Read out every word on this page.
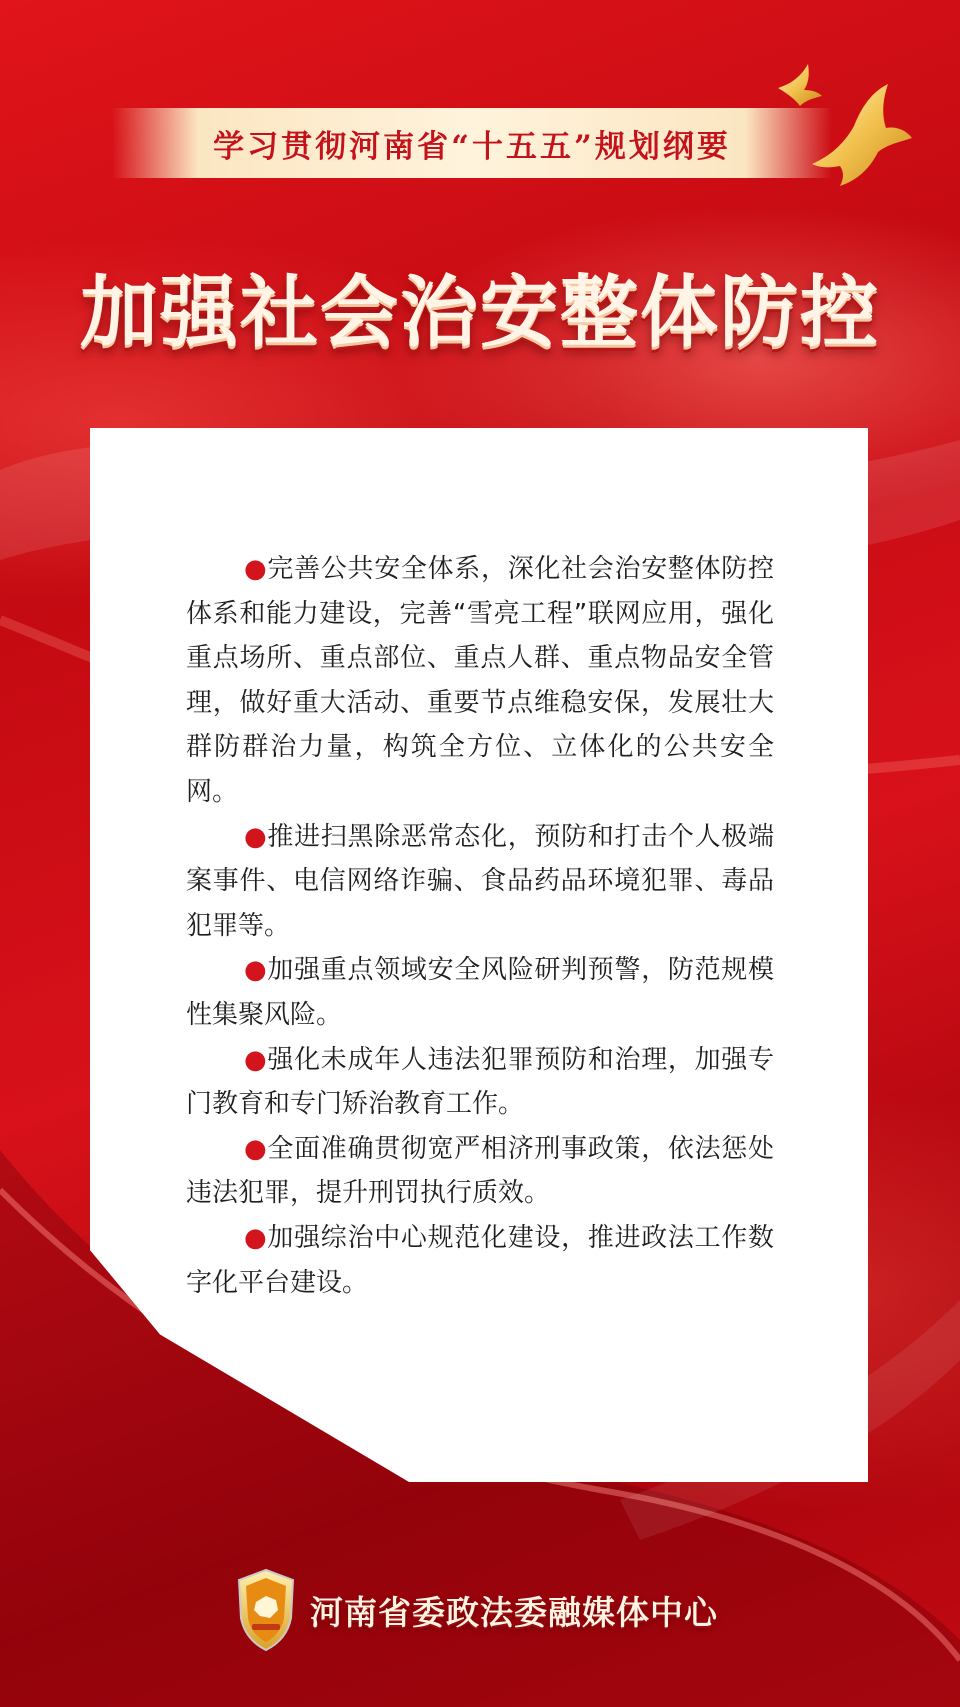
学习贯彻河南省“十五五”规划纲要
加强社会治安整体防控

●完善公共安全体系，深化社会治安整体防控体系和能力建设，完善“雪亮工程”联网应用，强化重点场所、重点部位、重点人群、重点物品安全管理，做好重大活动、重要节点维稳安保，发展壮大群防群治力量，构筑全方位、立体化的公共安全网。

●推进扫黑除恶常态化，预防和打击个人极端案事件、电信网络诈骗、食品药品环境犯罪、毒品犯罪等。

●加强重点领域安全风险研判预警，防范规模性集聚风险。

●强化未成年人违法犯罪预防和治理，加强专门教育和专门矫治教育工作。

●全面准确贯彻宽严相济刑事政策，依法惩处违法犯罪，提升刑罚执行质效。

●加强综治中心规范化建设，推进政法工作数字化平台建设。

河南省委政法委融媒体中心
